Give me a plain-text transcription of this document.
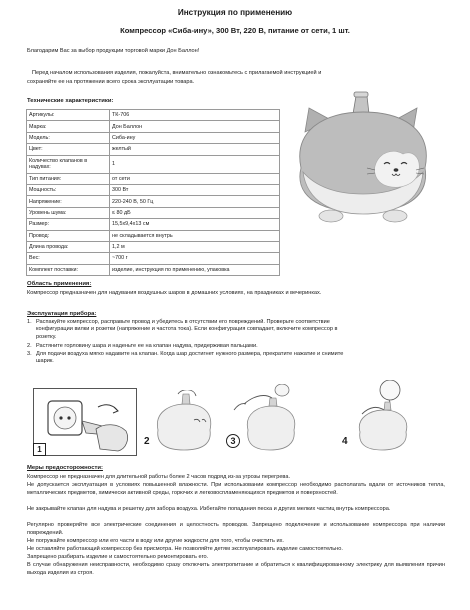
Инструкция по применению
Компрессор «Сиба-ину», 300 Вт, 220 В, питание от сети, 1 шт.
Благодарим Вас за выбор продукции торговой марки Дон Баллон!
Перед началом использования изделия, пожалуйста, внимательно ознакомьтесь с прилагаемой инструкцией и
сохраняйте ее на протяжении всего срока эксплуатации товара.
Технические характеристики:
Артикулы:	ТК-706
Марка:	Дон Баллон
Модель:	Сиба-ину
Цвет:	желтый
Количество клапанов в надувах:	1
Тип питания:	от сети
Мощность:	300 Вт
Напряжение:	220-240 В, 50 Гц
Уровень шума:	≤ 80 дБ
Размер:	15,5х9,4х13 см
Провод:	не складывается внутрь
Длина провода:	1,2 м
Вес:	~700 г
Комплект поставки:	изделие, инструкция по применению, упаковка
Область применения:
Компрессор предназначен для надувания воздушных шаров в домашних условиях, на праздниках и вечеринках.
Эксплуатация прибора:
1. Распакуйте компрессор, расправьте провод и убедитесь в отсутствии его повреждений. Проверьте соответствие
конфигурации вилки и розетки (напряжение и частота тока). Если конфигурация совпадает, включите компрессор в
розетку.
2. Растяните горловину шара и наденьте ее на клапан надува, придерживая пальцами.
3. Для подачи воздуха мягко надавите на клапан. Когда шар достигнет нужного размера, прекратите нажатие и снимите
шарик.
1
2	3	4
Меры предосторожности:
Компрессор не предназначен для длительной работы более 2 часов подряд из-за угрозы перегрева.
Не допускается эксплуатация в условиях повышенной влажности. При использовании компрессор необходимо располагать вдали от источников тепла, металлических предметов, химически активной среды, горючих и легковоспламеняющихся предметов и поверхностей.
Не закрывайте клапан для надува и решетку для забора воздуха. Избегайте попадания песка и других мелких частиц внутрь компрессора.
Регулярно проверяйте все электрические соединения и целостность проводов. Запрещено подключение и использование компрессора при наличии повреждений.
Не погружайте компрессор или его части в воду или другие жидкости для того, чтобы очистить их.
Не оставляйте работающий компрессор без присмотра. Не позволяйте детям эксплуатировать изделие самостоятельно.
Запрещено разбирать изделие и самостоятельно ремонтировать его.
В случае обнаружения неисправности, необходимо сразу отключить электропитание и обратиться к квалифицированному электрику для выявления причин выхода изделия из строя.
